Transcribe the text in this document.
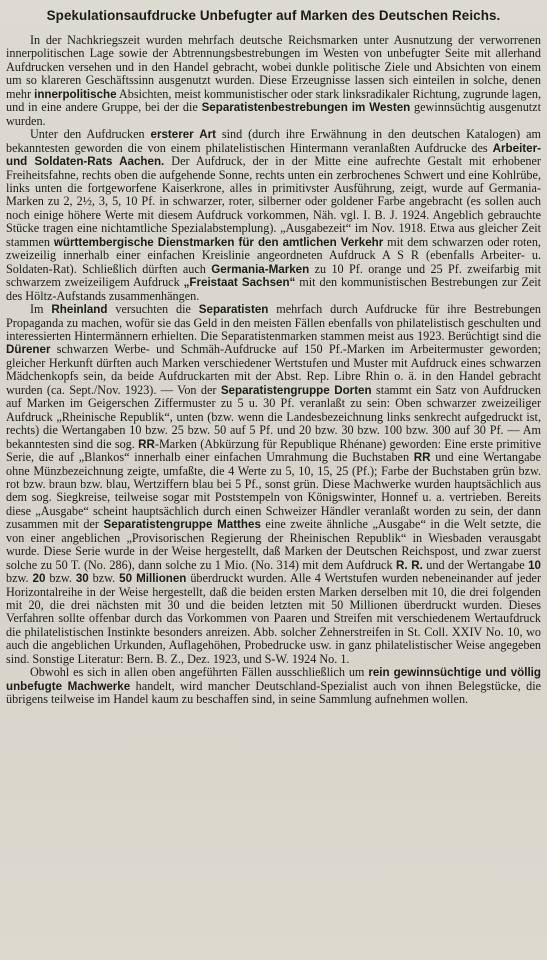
Spekulationsaufdrucke Unbefugter auf Marken des Deutschen Reichs.

In der Nachkriegszeit wurden mehrfach deutsche Reichsmarken unter Ausnutzung der verworrenen innerpolitischen Lage sowie der Abtrennungsbestrebungen im Westen von unbefugter Seite mit allerhand Aufdrucken versehen und in den Handel gebracht, wobei dunkle politische Ziele und Absichten von einem um so klareren Geschäftssinn ausgenutzt wurden. Diese Erzeugnisse lassen sich einteilen in solche, denen mehr innerpolitische Absichten, meist kommunistischer oder stark linksradikaler Richtung, zugrunde lagen, und in eine andere Gruppe, bei der die Separatistenbestrebungen im Westen gewinnsüchtig ausgenutzt wurden.

Unter den Aufdrucken ersterer Art sind (durch ihre Erwähnung in den deutschen Katalogen) am bekanntesten geworden die von einem philatelistischen Hintermann veranlaßten Aufdrucke des Arbeiter- und Soldaten-Rats Aachen. Der Aufdruck, der in der Mitte eine aufrechte Gestalt mit erhobener Freiheitsfahne, rechts oben die aufgehende Sonne, rechts unten ein zerbrochenes Schwert und eine Kohlrübe, links unten die fortgeworfene Kaiserkrone, alles in primitivster Ausführung, zeigt, wurde auf Germania-Marken zu 2, 2½, 3, 5, 10 Pf. in schwarzer, roter, silberner oder goldener Farbe angebracht (es sollen auch noch einige höhere Werte mit diesem Aufdruck vorkommen, Näh. vgl. I. B. J. 1924. Angeblich gebrauchte Stücke tragen eine nichtamtliche Spezialabstemplung). „Ausgabezeit“ im Nov. 1918. Etwa aus gleicher Zeit stammen württembergische Dienstmarken für den amtlichen Verkehr mit dem schwarzen oder roten, zweizeilig innerhalb einer einfachen Kreislinie angeordneten Aufdruck A S R (ebenfalls Arbeiter- u. Soldaten-Rat). Schließlich dürften auch Germania-Marken zu 10 Pf. orange und 25 Pf. zweifarbig mit schwarzem zweizeiligem Aufdruck „Freistaat Sachsen“ mit den kommunistischen Bestrebungen zur Zeit des Höltz-Aufstands zusammenhängen.

Im Rheinland versuchten die Separatisten mehrfach durch Aufdrucke für ihre Bestrebungen Propaganda zu machen, wofür sie das Geld in den meisten Fällen ebenfalls von philatelistisch geschulten und interessierten Hintermännern erhielten. Die Separatistenmarken stammen meist aus 1923. Berüchtigt sind die Dürener schwarzen Werbe- und Schmäh-Aufdrucke auf 150 Pf.-Marken im Arbeitermuster geworden; gleicher Herkunft dürften auch Marken verschiedener Wertstufen und Muster mit Aufdruck eines schwarzen Mädchenkopfs sein, da beide Aufdruckarten mit der Abst. Rep. Libre Rhin o. ä. in den Handel gebracht wurden (ca. Sept./Nov. 1923). — Von der Separatistengruppe Dorten stammt ein Satz von Aufdrucken auf Marken im Geigerschen Ziffermuster zu 5 u. 30 Pf. veranlaßt zu sein: Oben schwarzer zweizeiliger Aufdruck „Rheinische Republik“, unten (bzw. wenn die Landesbezeichnung links senkrecht aufgedruckt ist, rechts) die Wertangaben 10 bzw. 25 bzw. 50 auf 5 Pf. und 20 bzw. 30 bzw. 100 bzw. 300 auf 30 Pf. — Am bekanntesten sind die sog. RR-Marken (Abkürzung für Republique Rhénane) geworden: Eine erste primitive Serie, die auf „Blankos“ innerhalb einer einfachen Umrahmung die Buchstaben RR und eine Wertangabe ohne Münzbezeichnung zeigte, umfaßte, die 4 Werte zu 5, 10, 15, 25 (Pf.); Farbe der Buchstaben grün bzw. rot bzw. braun bzw. blau, Wertziffern blau bei 5 Pf., sonst grün. Diese Machwerke wurden hauptsächlich aus dem sog. Siegkreise, teilweise sogar mit Poststempeln von Königswinter, Honnef u. a. vertrieben. Bereits diese „Ausgabe“ scheint hauptsächlich durch einen Schweizer Händler veranlaßt worden zu sein, der dann zusammen mit der Separatistengruppe Matthes eine zweite ähnliche „Ausgabe“ in die Welt setzte, die von einer angeblichen „Provisorischen Regierung der Rheinischen Republik“ in Wiesbaden verausgabt wurde. Diese Serie wurde in der Weise hergestellt, daß Marken der Deutschen Reichspost, und zwar zuerst solche zu 50 T. (No. 286), dann solche zu 1 Mio. (No. 314) mit dem Aufdruck R. R. und der Wertangabe 10 bzw. 20 bzw. 30 bzw. 50 Millionen überdruckt wurden. Alle 4 Wertstufen wurden nebeneinander auf jeder Horizontalreihe in der Weise hergestellt, daß die beiden ersten Marken derselben mit 10, die drei folgenden mit 20, die drei nächsten mit 30 und die beiden letzten mit 50 Millionen überdruckt wurden. Dieses Verfahren sollte offenbar durch das Vorkommen von Paaren und Streifen mit verschiedenem Wertaufdruck die philatelistischen Instinkte besonders anreizen. Abb. solcher Zehnerstreifen in St. Coll. XXIV No. 10, wo auch die angeblichen Urkunden, Auflagehöhen, Probedrucke usw. in ganz philatelistischer Weise angegeben sind. Sonstige Literatur: Bern. B. Z., Dez. 1923, und S-W. 1924 No. 1.

Obwohl es sich in allen oben angeführten Fällen ausschließlich um rein gewinnsüchtige und völlig unbefugte Machwerke handelt, wird mancher Deutschland-Spezialist auch von ihnen Belegstücke, die übrigens teilweise im Handel kaum zu beschaffen sind, in seine Sammlung aufnehmen wollen.
